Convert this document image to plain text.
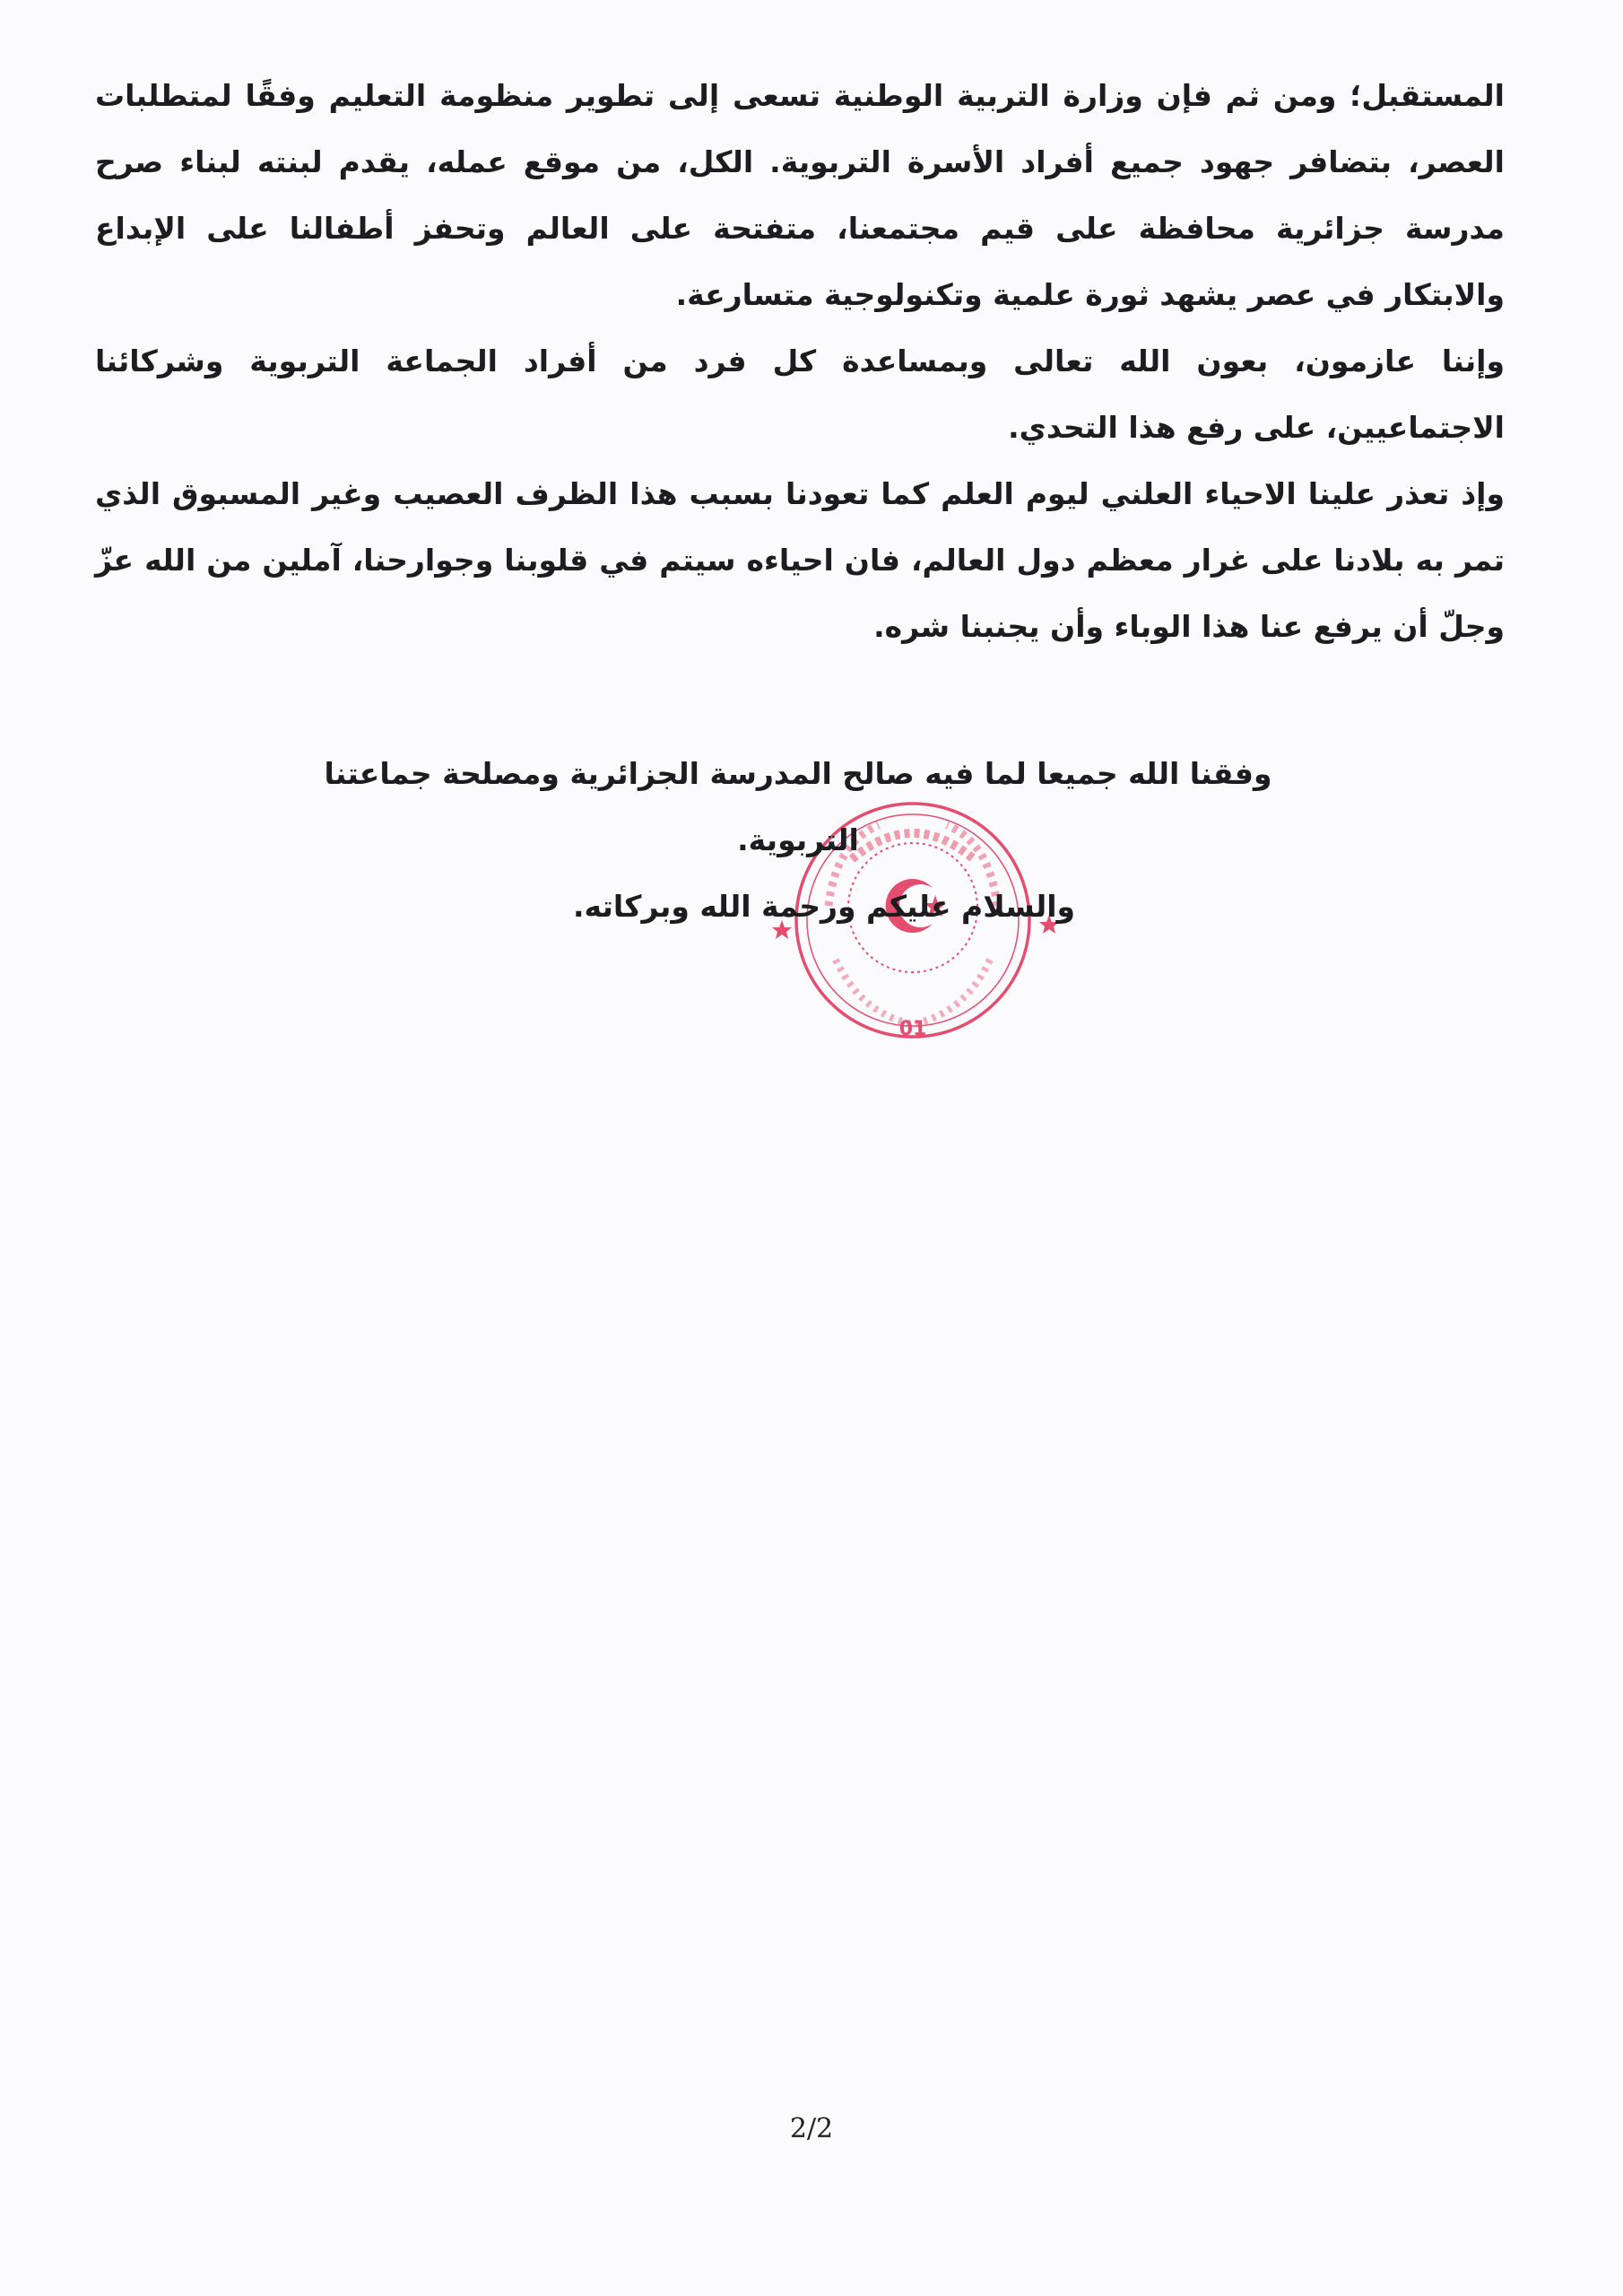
المستقبل؛ ومن ثم فإن وزارة التربية الوطنية تسعى إلى تطوير منظومة التعليم وفقًا لمتطلبات العصر، بتضافر جهود جميع أفراد الأسرة التربوية. الكل، من موقع عمله، يقدم لبنته لبناء صرح مدرسة جزائرية محافظة على قيم مجتمعنا، متفتحة على العالم وتحفز أطفالنا على الإبداع والابتكار في عصر يشهد ثورة علمية وتكنولوجية متسارعة.

وإننا عازمون، بعون الله تعالى وبمساعدة كل فرد من أفراد الجماعة التربوية وشركائنا الاجتماعيين، على رفع هذا التحدي.

وإذ تعذر علينا الاحياء العلني ليوم العلم كما تعودنا بسبب هذا الظرف العصيب وغير المسبوق الذي تمر به بلادنا على غرار معظم دول العالم، فان احياءه سيتم في قلوبنا وجوارحنا، آملين من الله عزّ وجلّ أن يرفع عنا هذا الوباء وأن يجنبنا شره.

01

وفقنا الله جميعا لما فيه صالح المدرسة الجزائرية ومصلحة جماعتنا التربوية.

والسلام عليكم ورحمة الله وبركاته.

2/2
